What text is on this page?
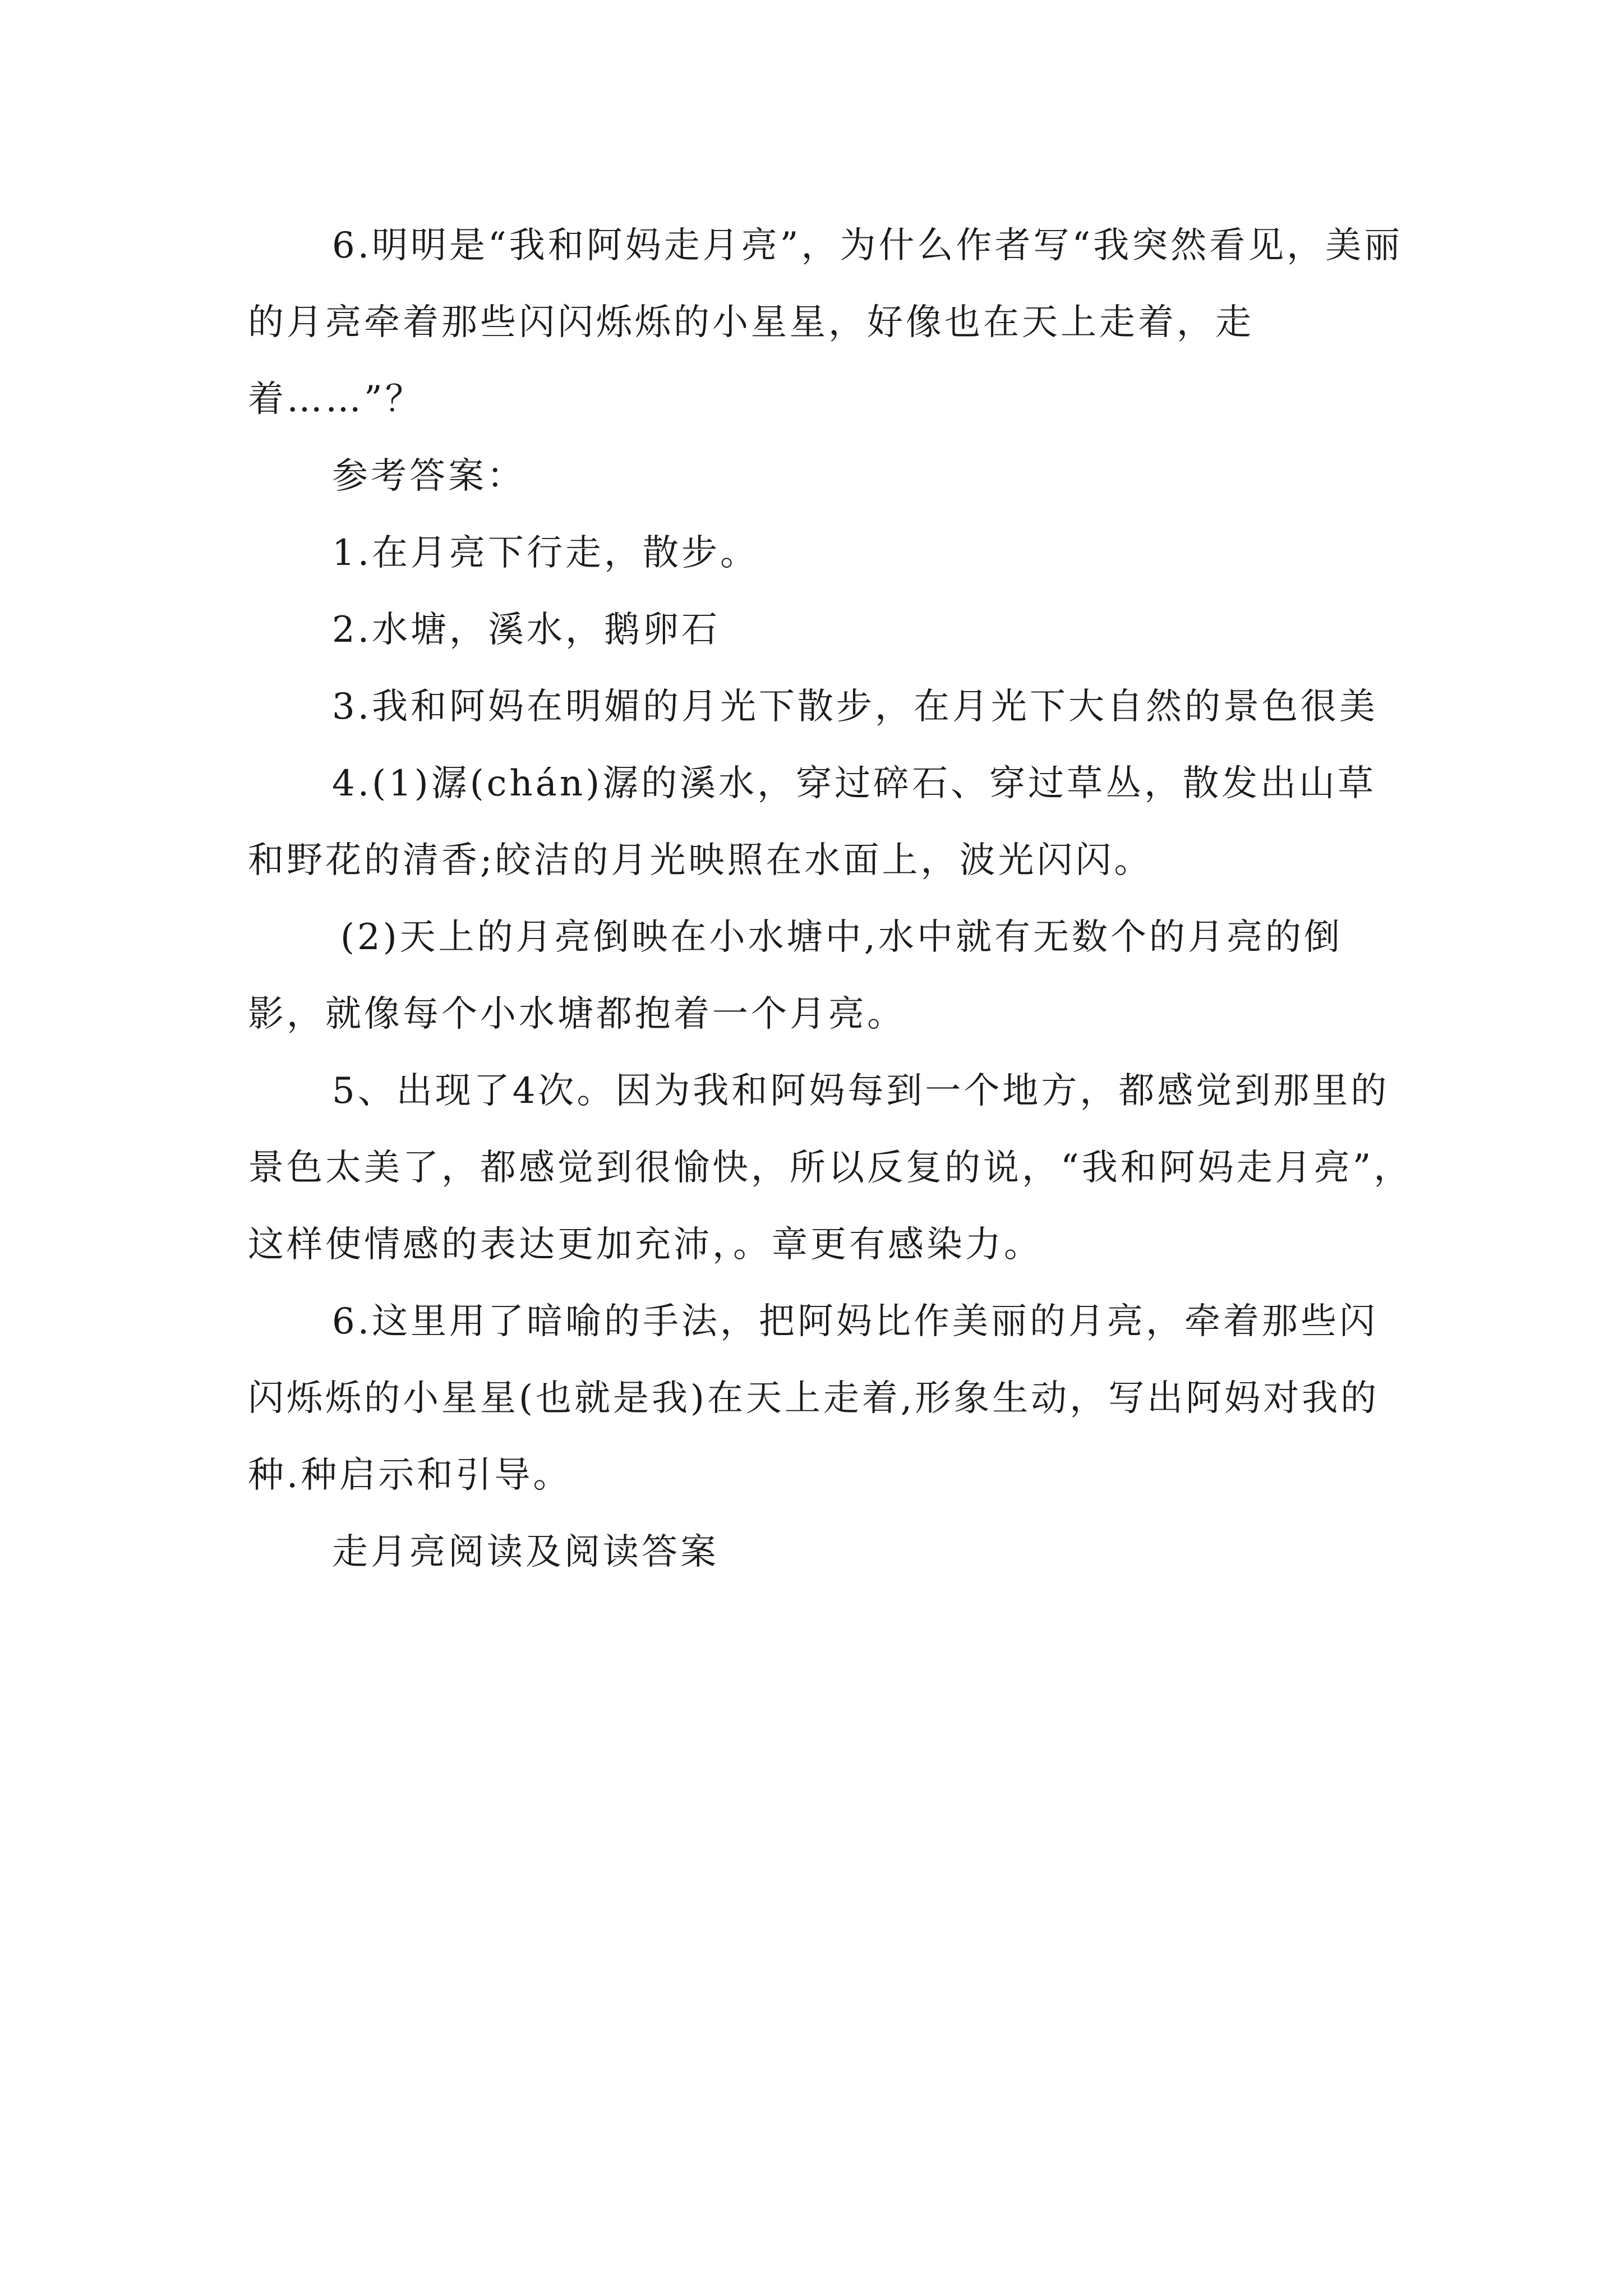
6.明明是“我和阿妈走月亮”，为什么作者写“我突然看见，美丽的月亮牵着那些闪闪烁烁的小星星，好像也在天上走着，走着……”？

参考答案：

1.在月亮下行走，散步。

2.水塘，溪水，鹅卵石

3.我和阿妈在明媚的月光下散步，在月光下大自然的景色很美

4.(1)潺(chán)潺的溪水，穿过碎石、穿过草丛，散发出山草和野花的清香;皎洁的月光映照在水面上，波光闪闪。

(2)天上的月亮倒映在小水塘中,水中就有无数个的月亮的倒影，就像每个小水塘都抱着一个月亮。

5、出现了4次。因为我和阿妈每到一个地方，都感觉到那里的景色太美了，都感觉到很愉快，所以反复的说，“我和阿妈走月亮”，这样使情感的表达更加充沛，。章更有感染力。

6.这里用了暗喻的手法，把阿妈比作美丽的月亮，牵着那些闪闪烁烁的小星星(也就是我)在天上走着,形象生动，写出阿妈对我的种.种启示和引导。

走月亮阅读及阅读答案
